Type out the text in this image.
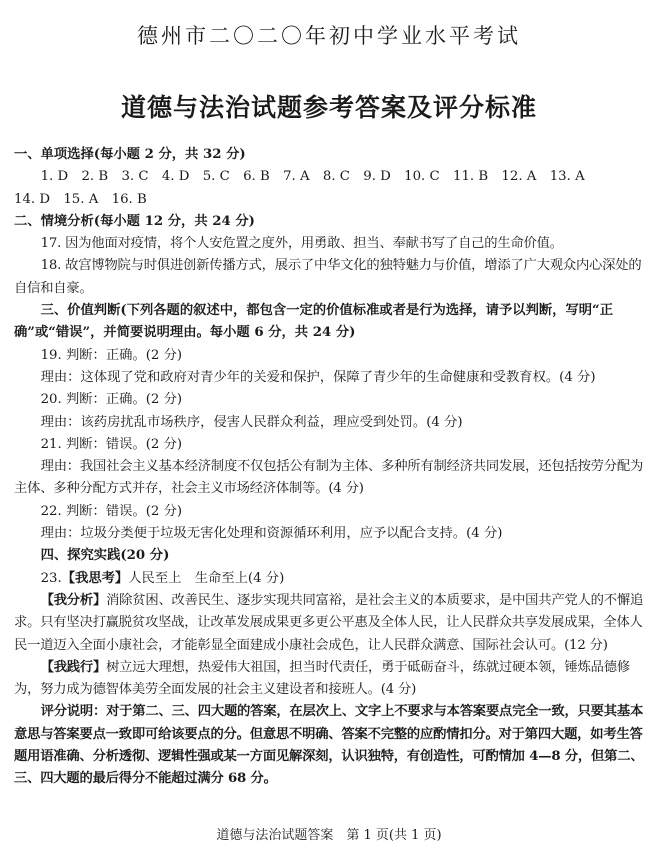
德州市二〇二〇年初中学业水平考试
道德与法治试题参考答案及评分标准

一、单项选择(每小题 2 分，共 32 分)

1. D　2. B　3. C　4. D　5. C　6. B　7. A　8. C　9. D　10. C　11. B　12. A　13. A

14. D　15. A　16. B

二、情境分析(每小题 12 分，共 24 分)

17. 因为他面对疫情，将个人安危置之度外，用勇敢、担当、奉献书写了自己的生命价值。

18. 故宫博物院与时俱进创新传播方式，展示了中华文化的独特魅力与价值，增添了广大观众内心深处的自信和自豪。

三、价值判断(下列各题的叙述中，都包含一定的价值标准或者是行为选择，请予以判断，写明“正确”或“错误”，并简要说明理由。每小题 6 分，共 24 分)

19. 判断：正确。(2 分)

理由：这体现了党和政府对青少年的关爱和保护，保障了青少年的生命健康和受教育权。(4 分)

20. 判断：正确。(2 分)

理由：该药房扰乱市场秩序，侵害人民群众利益，理应受到处罚。(4 分)

21. 判断：错误。(2 分)

理由：我国社会主义基本经济制度不仅包括公有制为主体、多种所有制经济共同发展，还包括按劳分配为主体、多种分配方式并存，社会主义市场经济体制等。(4 分)

22. 判断：错误。(2 分)

理由：垃圾分类便于垃圾无害化处理和资源循环利用，应予以配合支持。(4 分)

四、探究实践(20 分)

23.【我思考】人民至上　生命至上(4 分)

【我分析】消除贫困、改善民生、逐步实现共同富裕，是社会主义的本质要求，是中国共产党人的不懈追求。只有坚决打赢脱贫攻坚战，让改革发展成果更多更公平惠及全体人民，让人民群众共享发展成果，全体人民一道迈入全面小康社会，才能彰显全面建成小康社会成色，让人民群众满意、国际社会认可。(12 分)

【我践行】树立远大理想，热爱伟大祖国，担当时代责任，勇于砥砺奋斗，练就过硬本领，锤炼品德修为，努力成为德智体美劳全面发展的社会主义建设者和接班人。(4 分)

评分说明：对于第二、三、四大题的答案，在层次上、文字上不要求与本答案要点完全一致，只要其基本意思与答案要点一致即可给该要点的分。但意思不明确、答案不完整的应酌情扣分。对于第四大题，如考生答题用语准确、分析透彻、逻辑性强或某一方面见解深刻，认识独特，有创造性，可酌情加 4—8 分，但第二、三、四大题的最后得分不能超过满分 68 分。

道德与法治试题答案　第 1 页(共 1 页)
